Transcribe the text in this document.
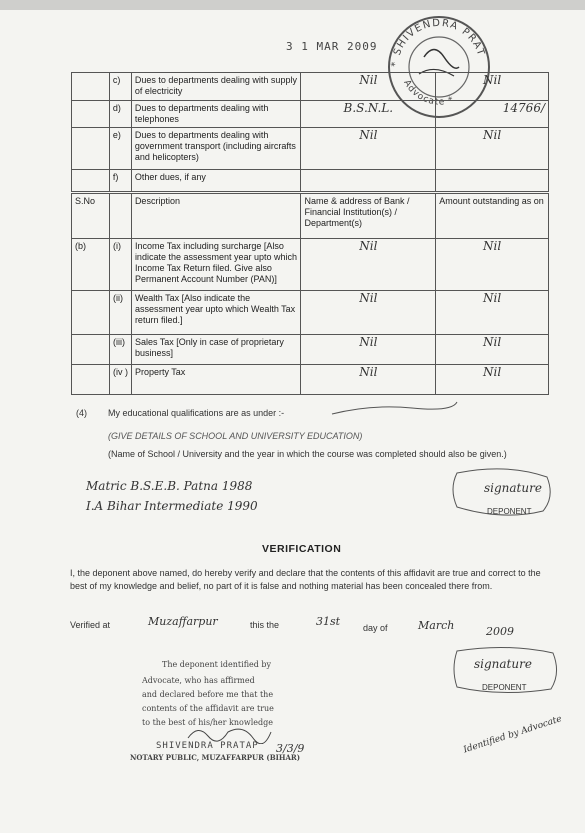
3 1 MAR 2009
* SHIVENDRA PRAT
Advocate *
	c)	Dues to departments dealing with supply of electricity	Nil	Nil
	d)	Dues to departments dealing with telephones	B.S.N.L.	14766/
	e)	Dues to departments dealing with government transport (including aircrafts and helicopters)	Nil	Nil
	f)	Other dues, if any		
S.No		Description	Name & address of Bank / Financial Institution(s) / Department(s)	Amount outstanding as on
(b)	(i)	Income Tax including surcharge [Also indicate the assessment year upto which Income Tax Return filed. Give also Permanent Account Number (PAN)]	Nil	Nil
	(ii)	Wealth Tax [Also indicate the assessment year upto which Wealth Tax return filed.]	Nil	Nil
	(iii)	Sales Tax [Only in case of proprietary business]	Nil	Nil
	(iv )	Property Tax	Nil	Nil
(4) My educational qualifications are as under :-
(GIVE DETAILS OF SCHOOL AND UNIVERSITY EDUCATION)
(Name of School / University and the year in which the course was completed should also be given.)
Matric B.S.E.B. Patna 1988
I.A Bihar Intermediate 1990
signature
DEPONENT
VERIFICATION
I, the deponent above named, do hereby verify and declare that the contents of this affidavit are true and correct to the best of my knowledge and belief, no part of it is false and nothing material has been concealed there from.
Verified at	Muzaffarpur	this the	31st	day of	March	2009
signature
DEPONENT
The deponent identified by
Advocate, who has affirmed
and declared before me that the
contents of the affidavit are true
to the best of his/her knowledge
SHIVENDRA PRATAP
NOTARY PUBLIC, MUZAFFARPUR (BIHAR)
3/3/9	Identified by Advocate
